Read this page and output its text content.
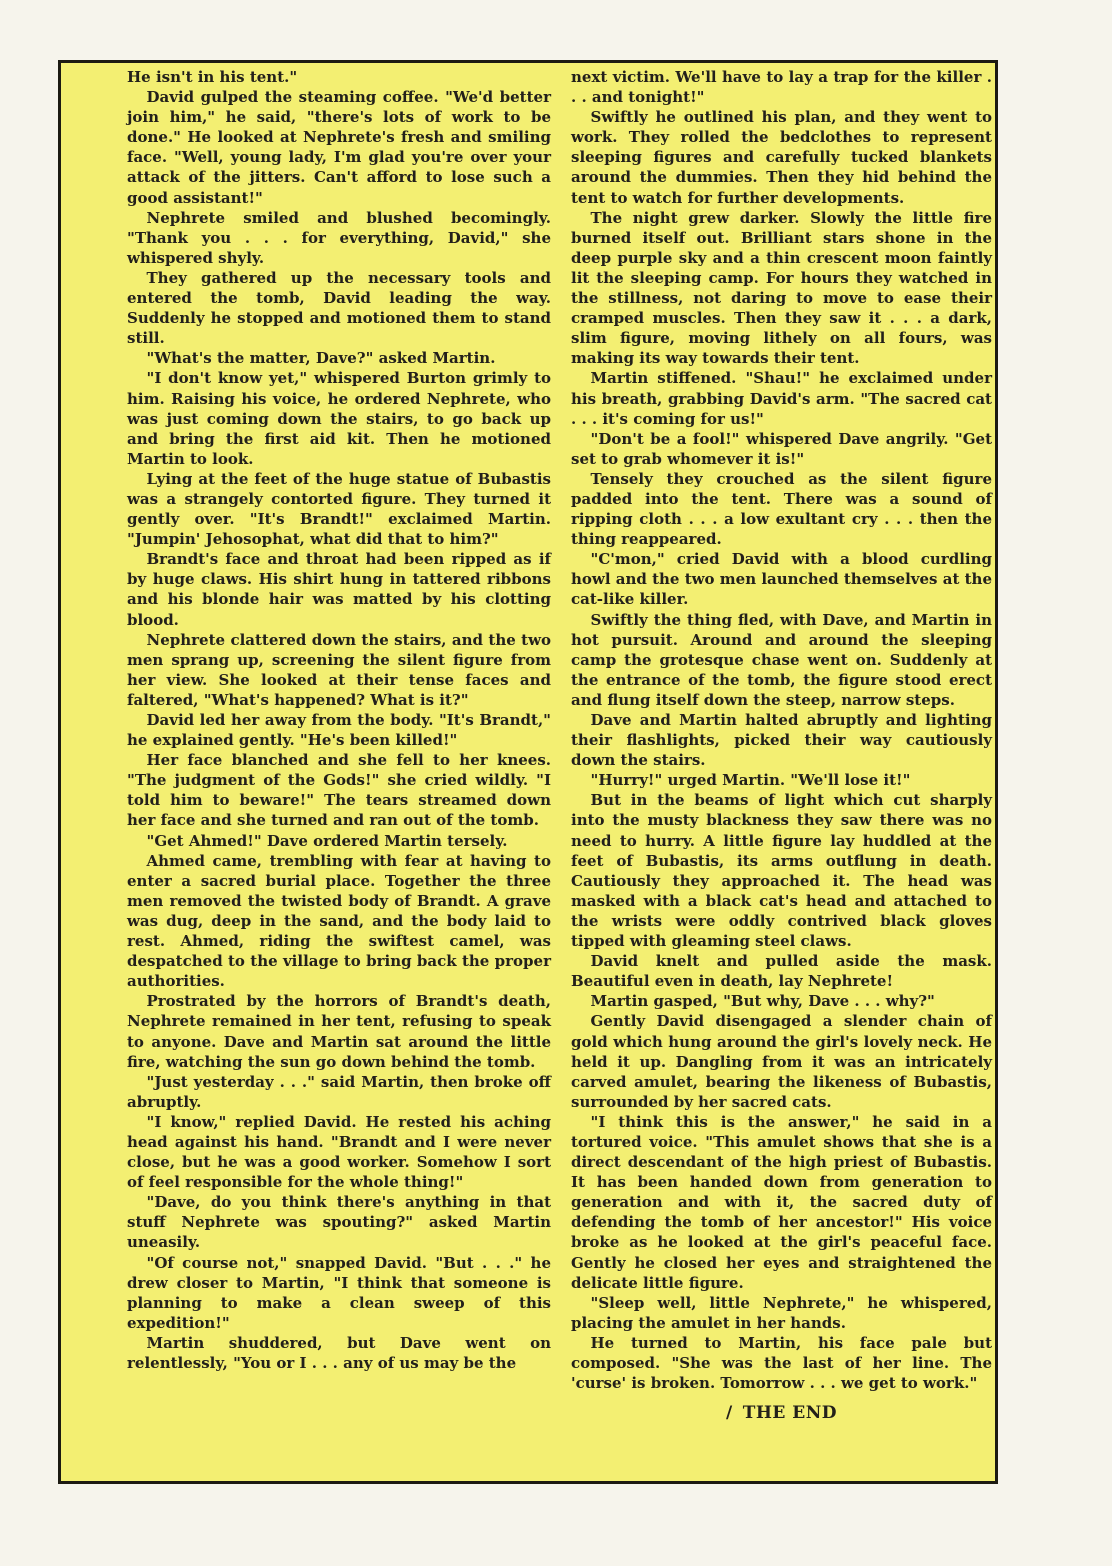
He isn't in his tent."

David gulped the steaming coffee. "We'd better join him," he said, "there's lots of work to be done." He looked at Nephrete's fresh and smiling face. "Well, young lady, I'm glad you're over your attack of the jitters. Can't afford to lose such a good assistant!"

Nephrete smiled and blushed becomingly. "Thank you . . . for everything, David," she whispered shyly.

They gathered up the necessary tools and entered the tomb, David leading the way. Suddenly he stopped and motioned them to stand still.

"What's the matter, Dave?" asked Martin.

"I don't know yet," whispered Burton grimly to him. Raising his voice, he ordered Nephrete, who was just coming down the stairs, to go back up and bring the first aid kit. Then he motioned Martin to look.

Lying at the feet of the huge statue of Bubastis was a strangely contorted figure. They turned it gently over. "It's Brandt!" exclaimed Martin. "Jumpin' Jehosophat, what did that to him?"

Brandt's face and throat had been ripped as if by huge claws. His shirt hung in tattered ribbons and his blonde hair was matted by his clotting blood.

Nephrete clattered down the stairs, and the two men sprang up, screening the silent figure from her view. She looked at their tense faces and faltered, "What's happened? What is it?"

David led her away from the body. "It's Brandt," he explained gently. "He's been killed!"

Her face blanched and she fell to her knees. "The judgment of the Gods!" she cried wildly. "I told him to beware!" The tears streamed down her face and she turned and ran out of the tomb.

"Get Ahmed!" Dave ordered Martin tersely.

Ahmed came, trembling with fear at having to enter a sacred burial place. Together the three men removed the twisted body of Brandt. A grave was dug, deep in the sand, and the body laid to rest. Ahmed, riding the swiftest camel, was despatched to the village to bring back the proper authorities.

Prostrated by the horrors of Brandt's death, Nephrete remained in her tent, refusing to speak to anyone. Dave and Martin sat around the little fire, watching the sun go down behind the tomb.

"Just yesterday . . ." said Martin, then broke off abruptly.

"I know," replied David. He rested his aching head against his hand. "Brandt and I were never close, but he was a good worker. Somehow I sort of feel responsible for the whole thing!"

"Dave, do you think there's anything in that stuff Nephrete was spouting?" asked Martin uneasily.

"Of course not," snapped David. "But . . ." he drew closer to Martin, "I think that someone is planning to make a clean sweep of this expedition!"

Martin shuddered, but Dave went on relentlessly, "You or I . . . any of us may be the

next victim. We'll have to lay a trap for the killer . . . and tonight!"

Swiftly he outlined his plan, and they went to work. They rolled the bedclothes to represent sleeping figures and carefully tucked blankets around the dummies. Then they hid behind the tent to watch for further developments.

The night grew darker. Slowly the little fire burned itself out. Brilliant stars shone in the deep purple sky and a thin crescent moon faintly lit the sleeping camp. For hours they watched in the stillness, not daring to move to ease their cramped muscles. Then they saw it . . . a dark, slim figure, moving lithely on all fours, was making its way towards their tent.

Martin stiffened. "Shau!" he exclaimed under his breath, grabbing David's arm. "The sacred cat . . . it's coming for us!"

"Don't be a fool!" whispered Dave angrily. "Get set to grab whomever it is!"

Tensely they crouched as the silent figure padded into the tent. There was a sound of ripping cloth . . . a low exultant cry . . . then the thing reappeared.

"C'mon," cried David with a blood curdling howl and the two men launched themselves at the cat-like killer.

Swiftly the thing fled, with Dave, and Martin in hot pursuit. Around and around the sleeping camp the grotesque chase went on. Suddenly at the entrance of the tomb, the figure stood erect and flung itself down the steep, narrow steps.

Dave and Martin halted abruptly and lighting their flashlights, picked their way cautiously down the stairs.

"Hurry!" urged Martin. "We'll lose it!"

But in the beams of light which cut sharply into the musty blackness they saw there was no need to hurry. A little figure lay huddled at the feet of Bubastis, its arms outflung in death. Cautiously they approached it. The head was masked with a black cat's head and attached to the wrists were oddly contrived black gloves tipped with gleaming steel claws.

David knelt and pulled aside the mask. Beautiful even in death, lay Nephrete!

Martin gasped, "But why, Dave . . . why?"

Gently David disengaged a slender chain of gold which hung around the girl's lovely neck. He held it up. Dangling from it was an intricately carved amulet, bearing the likeness of Bubastis, surrounded by her sacred cats.

"I think this is the answer," he said in a tortured voice. "This amulet shows that she is a direct descendant of the high priest of Bubastis. It has been handed down from generation to generation and with it, the sacred duty of defending the tomb of her ancestor!" His voice broke as he looked at the girl's peaceful face. Gently he closed her eyes and straightened the delicate little figure.

"Sleep well, little Nephrete," he whispered, placing the amulet in her hands.

He turned to Martin, his face pale but composed. "She was the last of her line. The 'curse' is broken. Tomorrow . . . we get to work."

/ THE END
